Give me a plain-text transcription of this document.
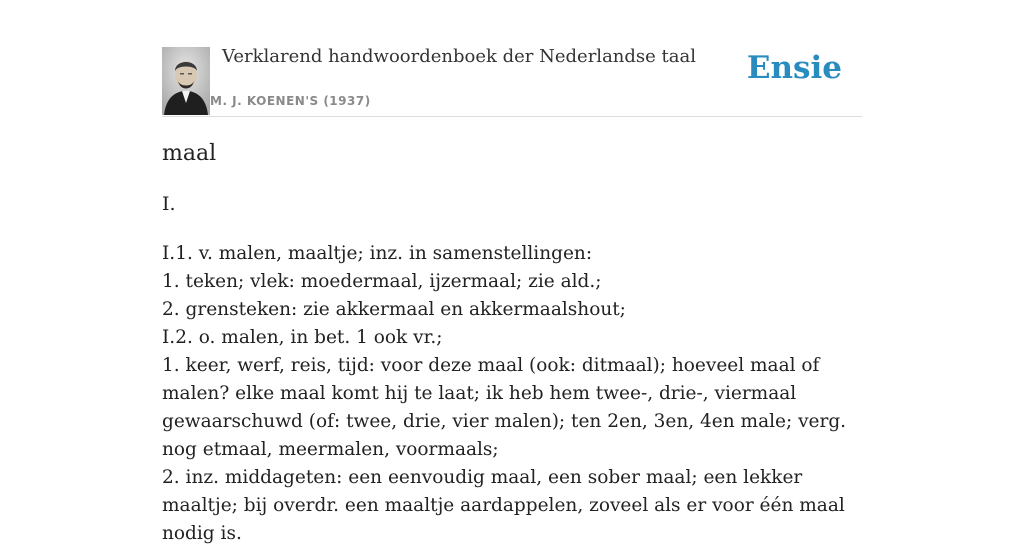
Verklarend handwoordenboek der Nederlandse taal
M. J. KOENEN'S (1937)
Ensie
maal
I.
I.1. v. malen, maaltje; inz. in samenstellingen:
1. teken; vlek: moedermaal, ijzermaal; zie ald.;
2. grensteken: zie akkermaal en akkermaalshout;
I.2. o. malen, in bet. 1 ook vr.;
1. keer, werf, reis, tijd: voor deze maal (ook: ditmaal); hoeveel maal of malen? elke maal komt hij te laat; ik heb hem twee-, drie-, viermaal gewaarschuwd (of: twee, drie, vier malen); ten 2en, 3en, 4en male; verg. nog etmaal, meermalen, voormaals;
2. inz. middageten: een eenvoudig maal, een sober maal; een lekker maaltje; bij overdr. een maaltje aardappelen, zoveel als er voor één maal nodig is.
